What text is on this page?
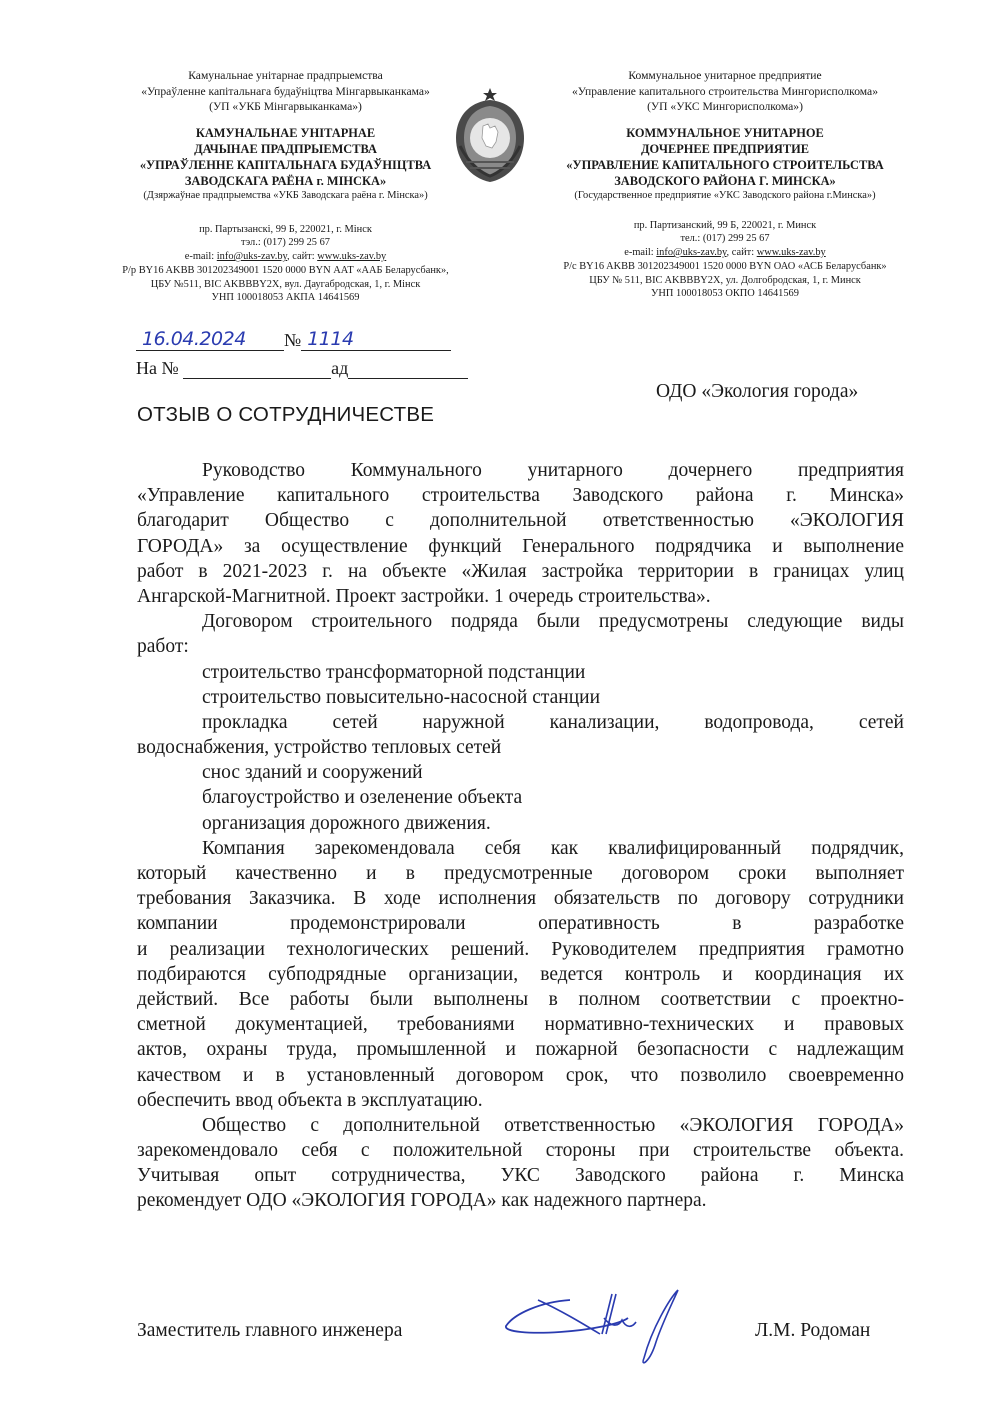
Камунальнае унітарнае прадпрыемства
«Упраўленне капітальнага будаўніцтва Мінгарвыканкама»
(УП «УКБ Мінгарвыканкама»)
КАМУНАЛЬНАЕ УНІТАРНАЕ
ДАЧЫНАЕ ПРАДПРЫЕМСТВА
«УПРАЎЛЕННЕ КАПІТАЛЬНАГА БУДАЎНІЦТВА
ЗАВОДСКАГА РАЁНА г. МІНСКА»
(Дзяржаўнае прадпрыемства «УКБ Заводскага раёна г. Мінска»)
пр. Партызанскі, 99 Б, 220021, г. Мінск
тэл.: (017) 299 25 67
e-mail: info@uks-zav.by, сайт: www.uks-zav.by
Р/р BY16 AKBB 301202349001 1520 0000 BYN ААТ «ААБ Беларусбанк»,
ЦБУ №511, BIC AKBBBY2X, вул. Даугабродская, 1, г. Мінск
УНП 100018053 АКПА 14641569
Коммунальное унитарное предприятие
«Управление капитального строительства Мингорисполкома»
(УП «УКС Мингорисполкома»)
КОММУНАЛЬНОЕ УНИТАРНОЕ
ДОЧЕРНЕЕ ПРЕДПРИЯТИЕ
«УПРАВЛЕНИЕ КАПИТАЛЬНОГО СТРОИТЕЛЬСТВА
ЗАВОДСКОГО РАЙОНА Г. МИНСКА»
(Государственное предприятие «УКС Заводского района г.Минска»)
пр. Партизанский, 99 Б, 220021, г. Минск
тел.: (017) 299 25 67
e-mail: info@uks-zav.by, сайт: www.uks-zav.by
Р/с BY16 AKBB 301202349001 1520 0000 BYN ОАО «АСБ Беларусбанк»
ЦБУ № 511, BIC AKBBBY2X, ул. Долгобродская, 1, г. Минск
УНП 100018053 ОКПО 14641569
16.04.2024 № 1114
На №	ад
ОДО «Экология города»
ОТЗЫВ О СОТРУДНИЧЕСТВЕ
Руководство Коммунального унитарного дочернего предприятия
«Управление капитального строительства Заводского района г. Минска»
благодарит Общество с дополнительной ответственностью «ЭКОЛОГИЯ
ГОРОДА» за осуществление функций Генерального подрядчика и выполнение
работ в 2021-2023 г. на объекте «Жилая застройка территории в границах улиц
Ангарской-Магнитной. Проект застройки. 1 очередь строительства».
Договором строительного подряда были предусмотрены следующие виды
работ:
строительство трансформаторной подстанции
строительство повысительно-насосной станции
прокладка сетей наружной канализации, водопровода, сетей
водоснабжения, устройство тепловых сетей
снос зданий и сооружений
благоустройство и озеленение объекта
организация дорожного движения.
Компания зарекомендовала себя как квалифицированный подрядчик,
который качественно и в предусмотренные договором сроки выполняет
требования Заказчика. В ходе исполнения обязательств по договору сотрудники
компании продемонстрировали оперативность в разработке
и реализации технологических решений. Руководителем предприятия грамотно
подбираются субподрядные организации, ведется контроль и координация их
действий. Все работы были выполнены в полном соответствии с проектно-
сметной документацией, требованиями нормативно-технических и правовых
актов, охраны труда, промышленной и пожарной безопасности с надлежащим
качеством и в установленный договором срок, что позволило своевременно
обеспечить ввод объекта в эксплуатацию.
Общество с дополнительной ответственностью «ЭКОЛОГИЯ ГОРОДА»
зарекомендовало себя с положительной стороны при строительстве объекта.
Учитывая опыт сотрудничества, УКС Заводского района г. Минска
рекомендует ОДО «ЭКОЛОГИЯ ГОРОДА» как надежного партнера.
Заместитель главного инженера	Л.М. Родоман
